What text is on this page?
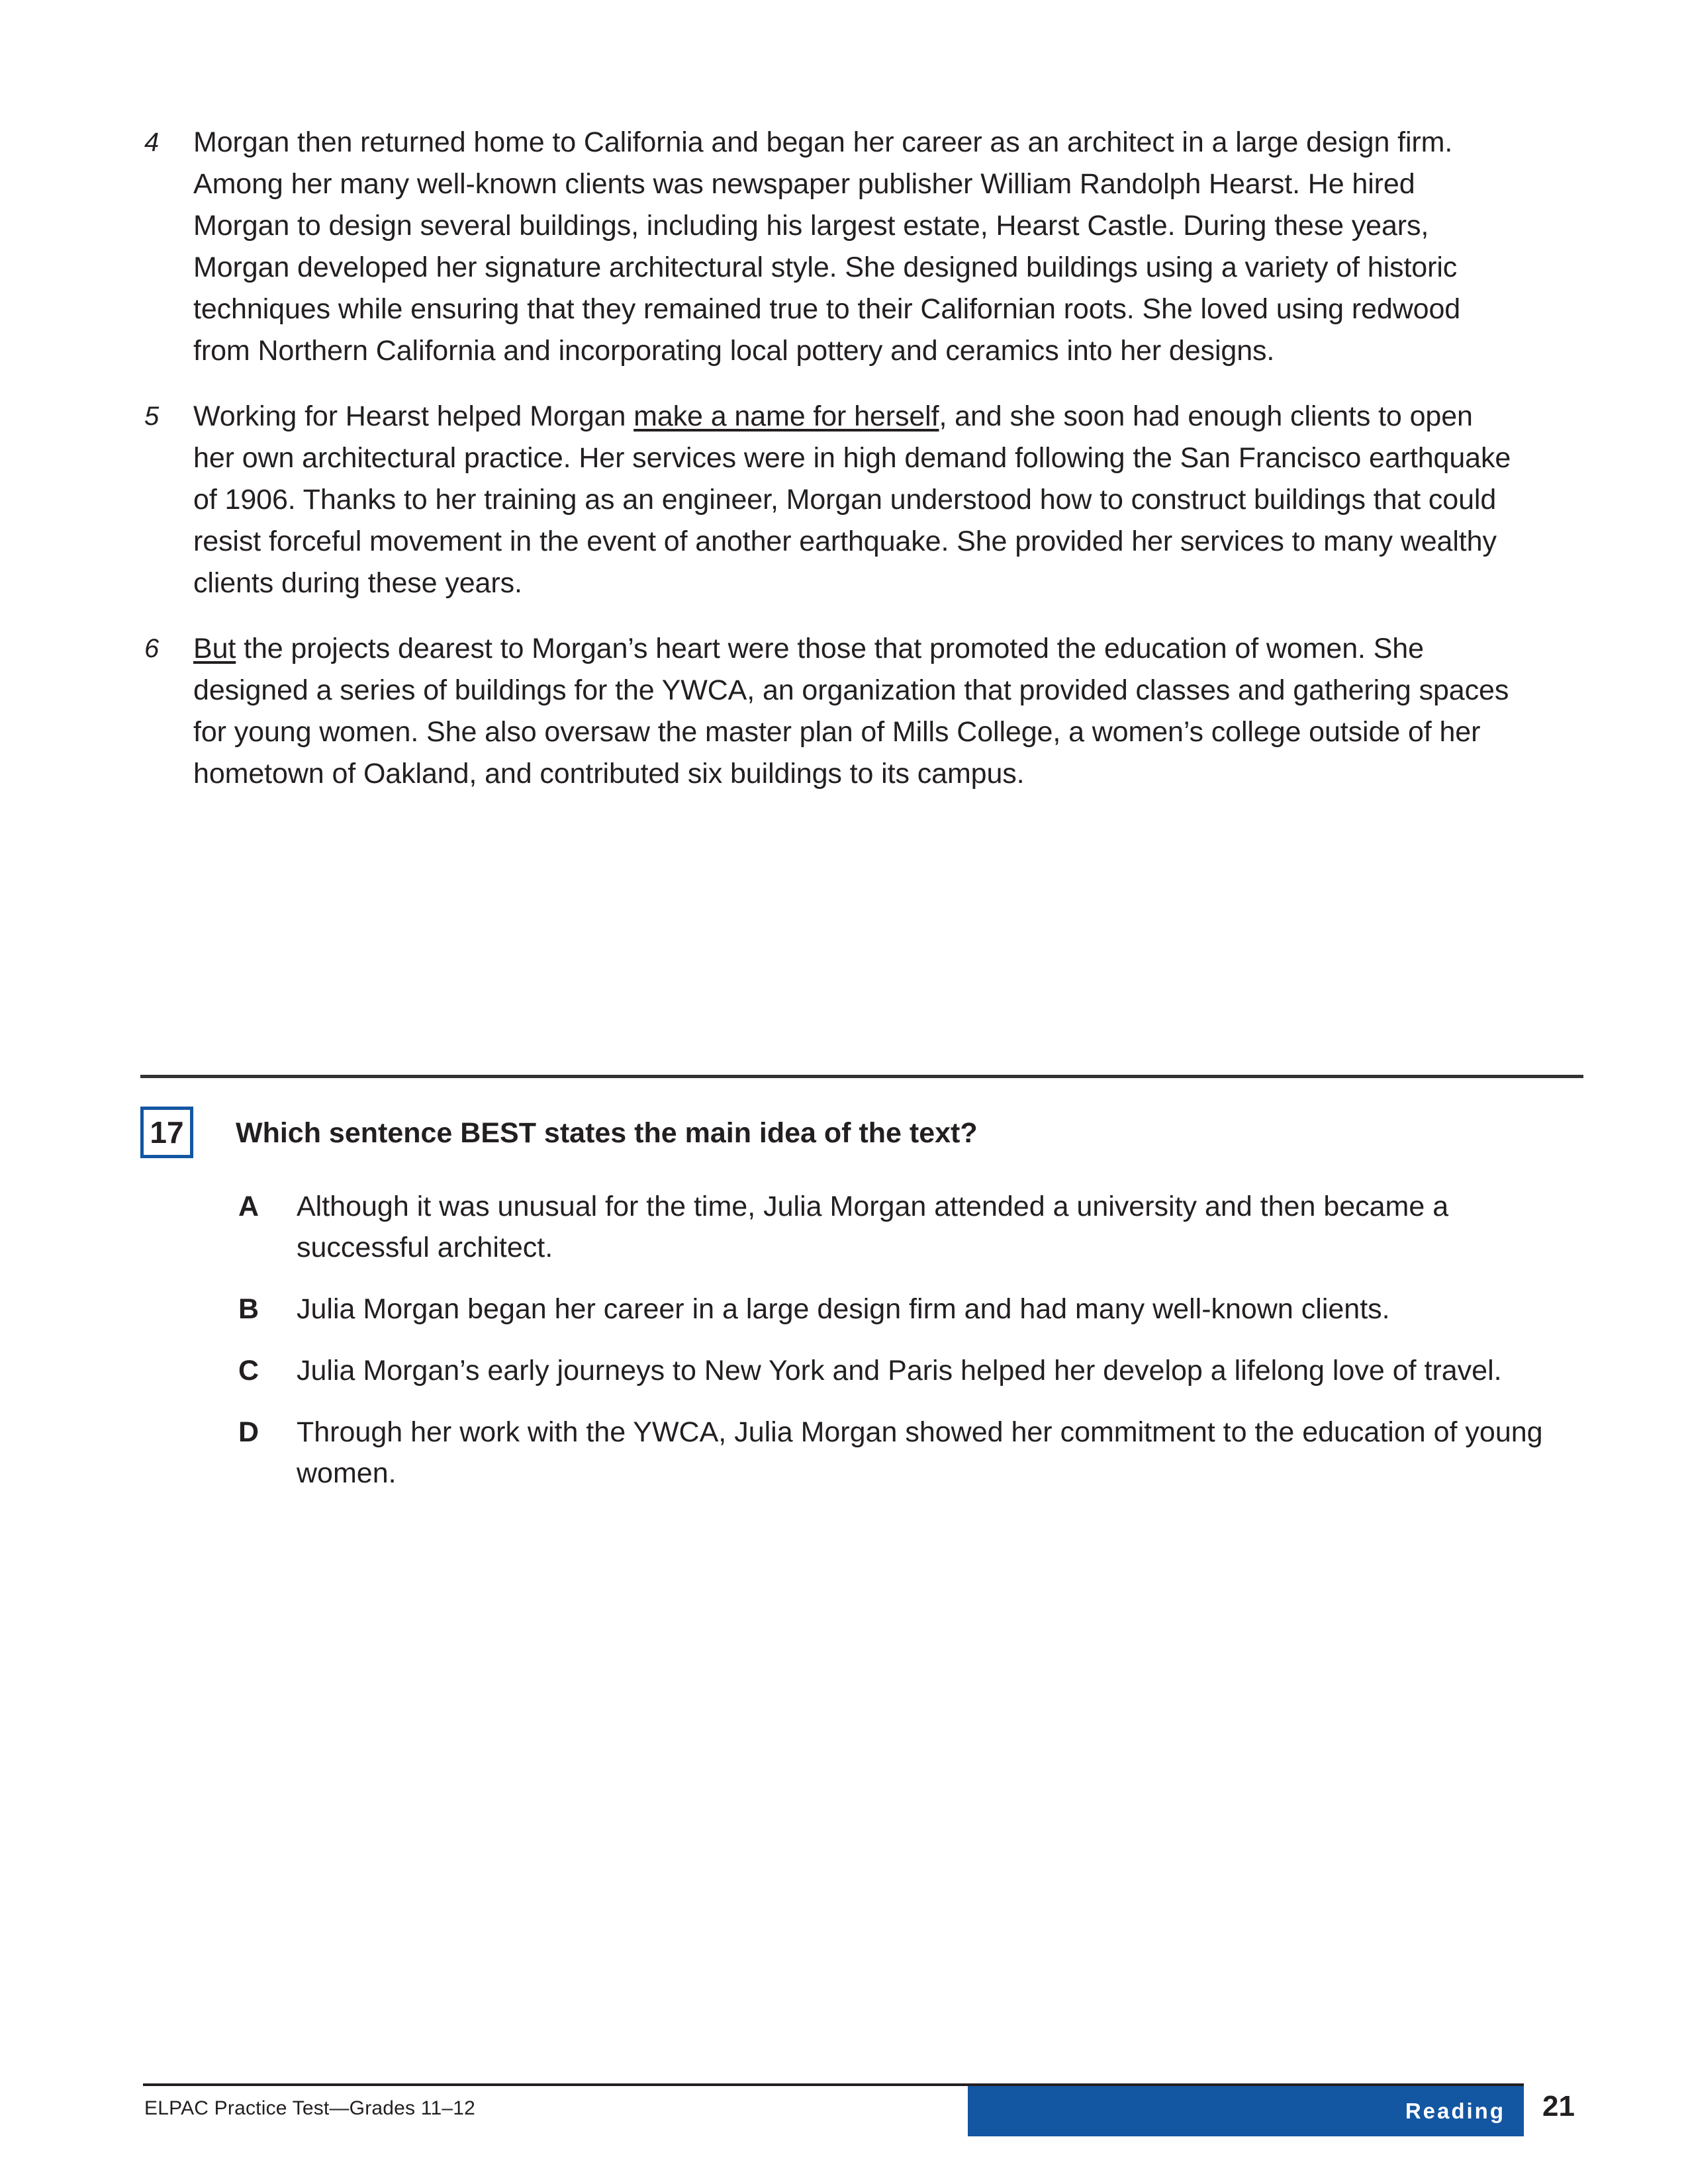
4	Morgan then returned home to California and began her career as an architect in a large design firm. Among her many well-known clients was newspaper publisher William Randolph Hearst. He hired Morgan to design several buildings, including his largest estate, Hearst Castle. During these years, Morgan developed her signature architectural style. She designed buildings using a variety of historic techniques while ensuring that they remained true to their Californian roots. She loved using redwood from Northern California and incorporating local pottery and ceramics into her designs.
5	Working for Hearst helped Morgan make a name for herself, and she soon had enough clients to open her own architectural practice. Her services were in high demand following the San Francisco earthquake of 1906. Thanks to her training as an engineer, Morgan understood how to construct buildings that could resist forceful movement in the event of another earthquake. She provided her services to many wealthy clients during these years.
6	But the projects dearest to Morgan’s heart were those that promoted the education of women. She designed a series of buildings for the YWCA, an organization that provided classes and gathering spaces for young women. She also oversaw the master plan of Mills College, a women’s college outside of her hometown of Oakland, and contributed six buildings to its campus.
17	Which sentence BEST states the main idea of the text?
A	Although it was unusual for the time, Julia Morgan attended a university and then became a successful architect.
B	Julia Morgan began her career in a large design firm and had many well-known clients.
C	Julia Morgan’s early journeys to New York and Paris helped her develop a lifelong love of travel.
D	Through her work with the YWCA, Julia Morgan showed her commitment to the education of young women.
ELPAC Practice Test—Grades 11–12	Reading	21
